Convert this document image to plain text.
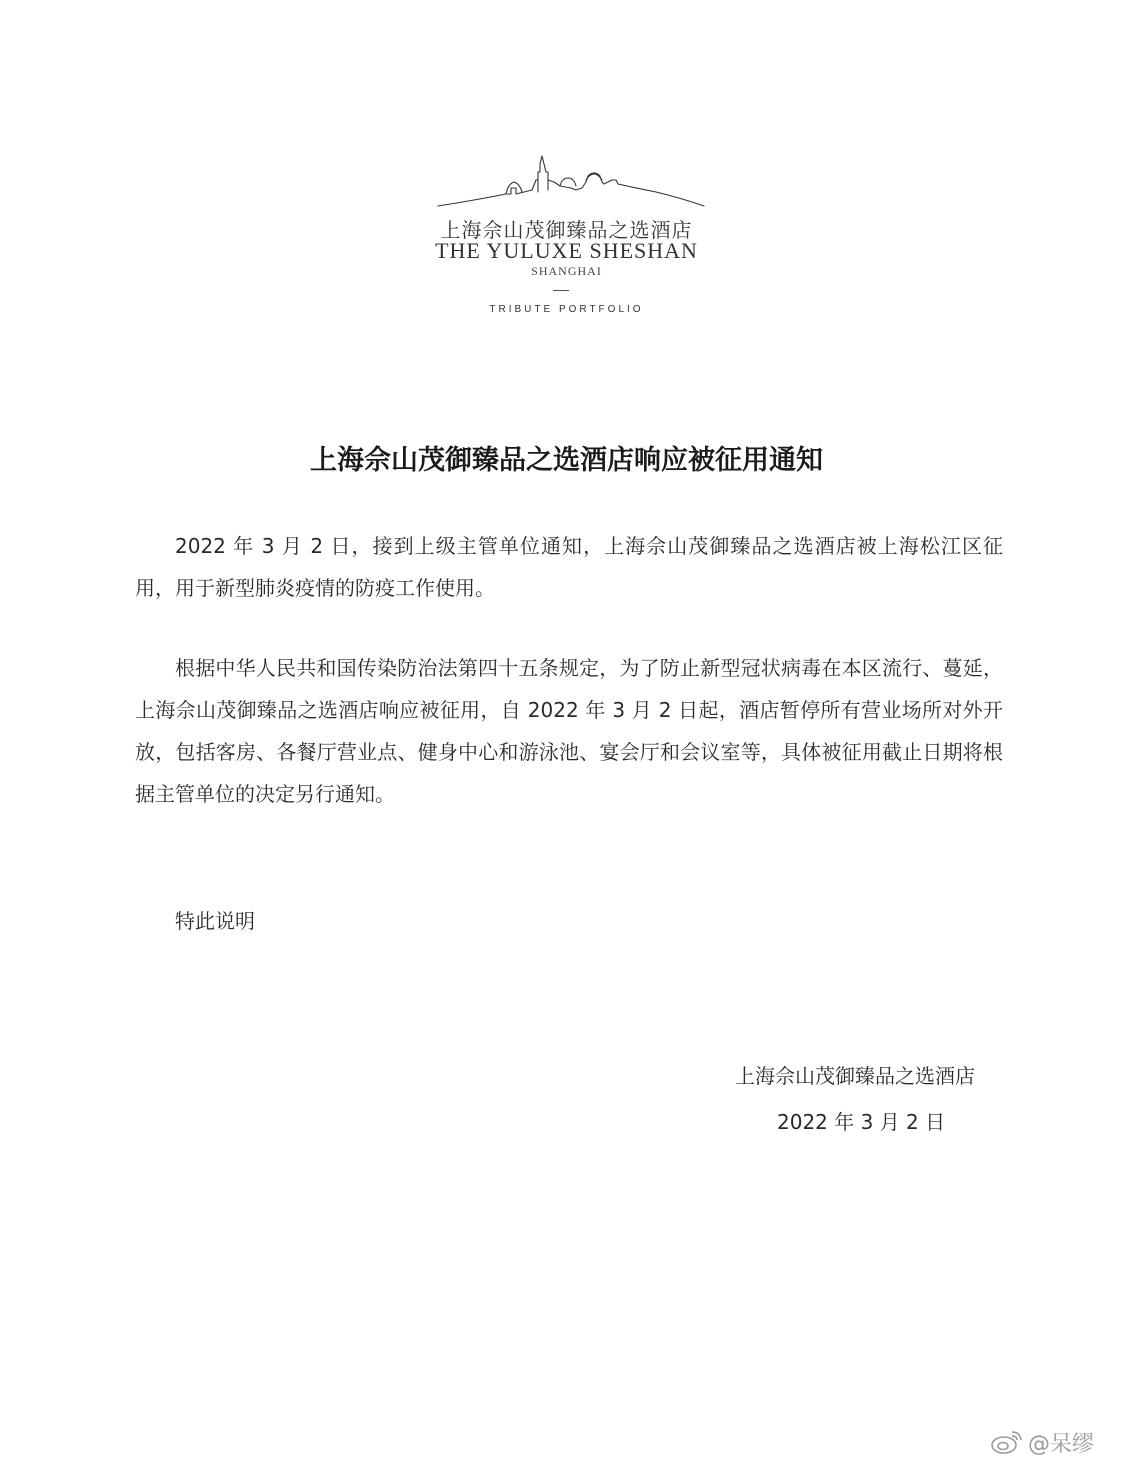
上海佘山茂御臻品之选酒店
THE YULUXE SHESHAN
SHANGHAI
TRIBUTE PORTFOLIO
上海佘山茂御臻品之选酒店响应被征用通知
2022 年 3 月 2 日，接到上级主管单位通知，上海佘山茂御臻品之选酒店被上海松江区征用，用于新型肺炎疫情的防疫工作使用。
根据中华人民共和国传染防治法第四十五条规定，为了防止新型冠状病毒在本区流行、蔓延，上海佘山茂御臻品之选酒店响应被征用，自 2022 年 3 月 2 日起，酒店暂停所有营业场所对外开放，包括客房、各餐厅营业点、健身中心和游泳池、宴会厅和会议室等，具体被征用截止日期将根据主管单位的决定另行通知。
特此说明
上海佘山茂御臻品之选酒店
2022 年 3 月 2 日
@呆缪
